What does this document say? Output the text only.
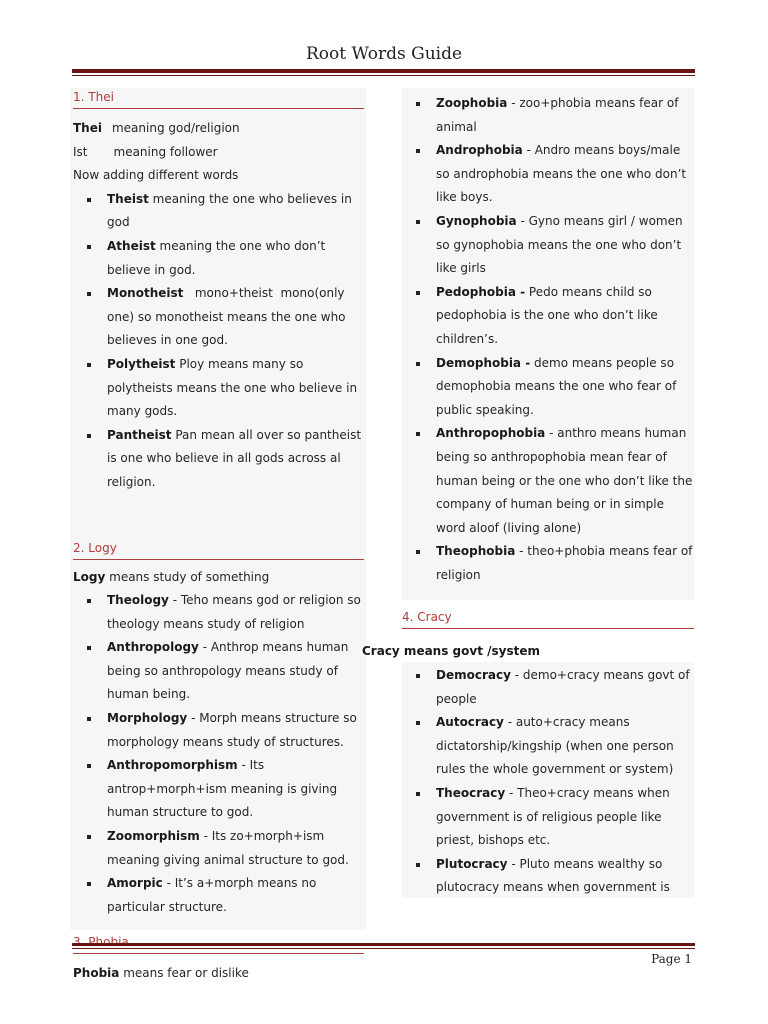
Root Words Guide
1. Thei

Thei meaning god/religion

Ist meaning follower

Now adding different words

Theist meaning the one who believes in god
Atheist meaning the one who don’t believe in god.
Monotheist   mono+theist  mono(only one) so monotheist means the one who believes in one god.
Polytheist Ploy means many so polytheists means the one who believe in many gods.
Pantheist Pan mean all over so pantheist is one who believe in all gods across al religion.
2. Logy

Logy means study of something

Theology - Teho means god or religion so theology means study of religion
Anthropology - Anthrop means human being so anthropology means study of human being.
Morphology - Morph means structure so morphology means study of structures.
Anthropomorphism - Its antrop+morph+ism meaning is giving human structure to god.
Zoomorphism - Its zo+morph+ism meaning giving animal structure to god.
Amorpic - It’s a+morph means no particular structure.

Phobia means fear or dislike

Zoophobia - zoo+phobia means fear of animal
Androphobia - Andro means boys/male so androphobia means the one who don’t like boys.
Gynophobia - Gyno means girl / women so gynophobia means the one who don’t like girls
Pedophobia - Pedo means child so pedophobia is the one who don’t like children’s.
Demophobia - demo means people so demophobia means the one who fear of public speaking.
Anthropophobia - anthro means human being so anthropophobia mean fear of human being or the one who don’t like the company of human being or in simple word aloof (living alone)
Theophobia - theo+phobia means fear of religion
4. Cracy

Cracy means govt /system

Democracy - demo+cracy means govt of people
Autocracy - auto+cracy means dictatorship/kingship (when one person rules the whole government or system)
Theocracy - Theo+cracy means when government is of religious people like priest, bishops etc.
Plutocracy - Pluto means wealthy so plutocracy means when government is
Page 1
